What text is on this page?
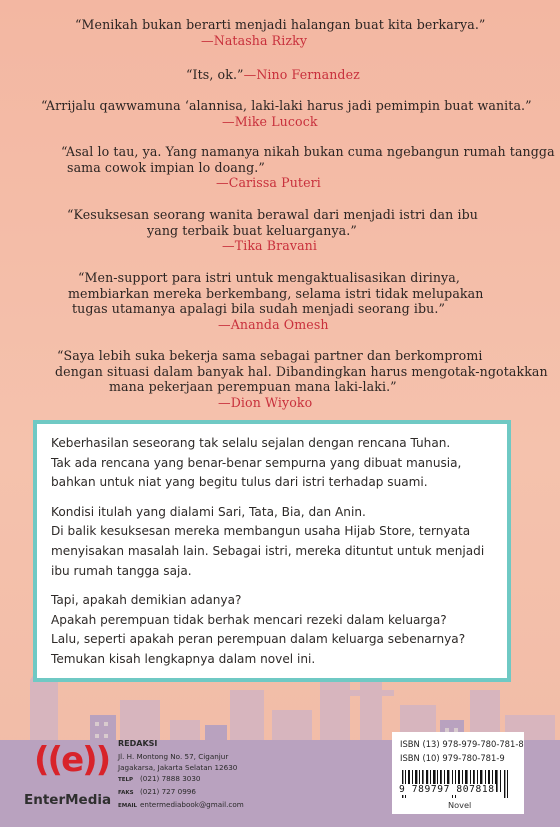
“Menikah bukan berarti menjadi halangan buat kita berkarya.”
— Natasha Rizky
“Its, ok.”— Nino Fernandez
“Arrijalu qawwamuna ‘alannisa, laki-laki harus jadi pemimpin buat wanita.”
— Mike Lucock
“Asal lo tau, ya. Yang namanya nikah bukan cuma ngebangun rumah tangga
sama cowok impian lo doang.”
— Carissa Puteri
“Kesuksesan seorang wanita berawal dari menjadi istri dan ibu
yang terbaik buat keluarganya.”
— Tika Bravani
“Men-support para istri untuk mengaktualisasikan dirinya,
membiarkan mereka berkembang, selama istri tidak melupakan
tugas utamanya apalagi bila sudah menjadi seorang ibu.”
— Ananda Omesh
“Saya lebih suka bekerja sama sebagai partner dan berkompromi
dengan situasi dalam banyak hal. Dibandingkan harus mengotak-ngotakkan
mana pekerjaan perempuan mana laki-laki.”
— Dion Wiyoko

Keberhasilan seseorang tak selalu sejalan dengan rencana Tuhan.
Tak ada rencana yang benar-benar sempurna yang dibuat manusia,
bahkan untuk niat yang begitu tulus dari istri terhadap suami.

Kondisi itulah yang dialami Sari, Tata, Bia, dan Anin.
Di balik kesuksesan mereka membangun usaha Hijab Store, ternyata
menyisakan masalah lain. Sebagai istri, mereka dituntut untuk menjadi
ibu rumah tangga saja.

Tapi, apakah demikian adanya?
Apakah perempuan tidak berhak mencari rezeki dalam keluarga?
Lalu, seperti apakah peran perempuan dalam keluarga sebenarnya?
Temukan kisah lengkapnya dalam novel ini.

((e))
EnterMedia
REDAKSI
Jl. H. Montong No. 57, Ciganjur
Jagakarsa, Jakarta Selatan 12630
TELP (021) 7888 3030
FAKS (021) 727 0996
EMAIL entermediabook@gmail.com
ISBN (13) 978-979-780-781-8
ISBN (10) 979-780-781-9
9 789797 807818
Novel
